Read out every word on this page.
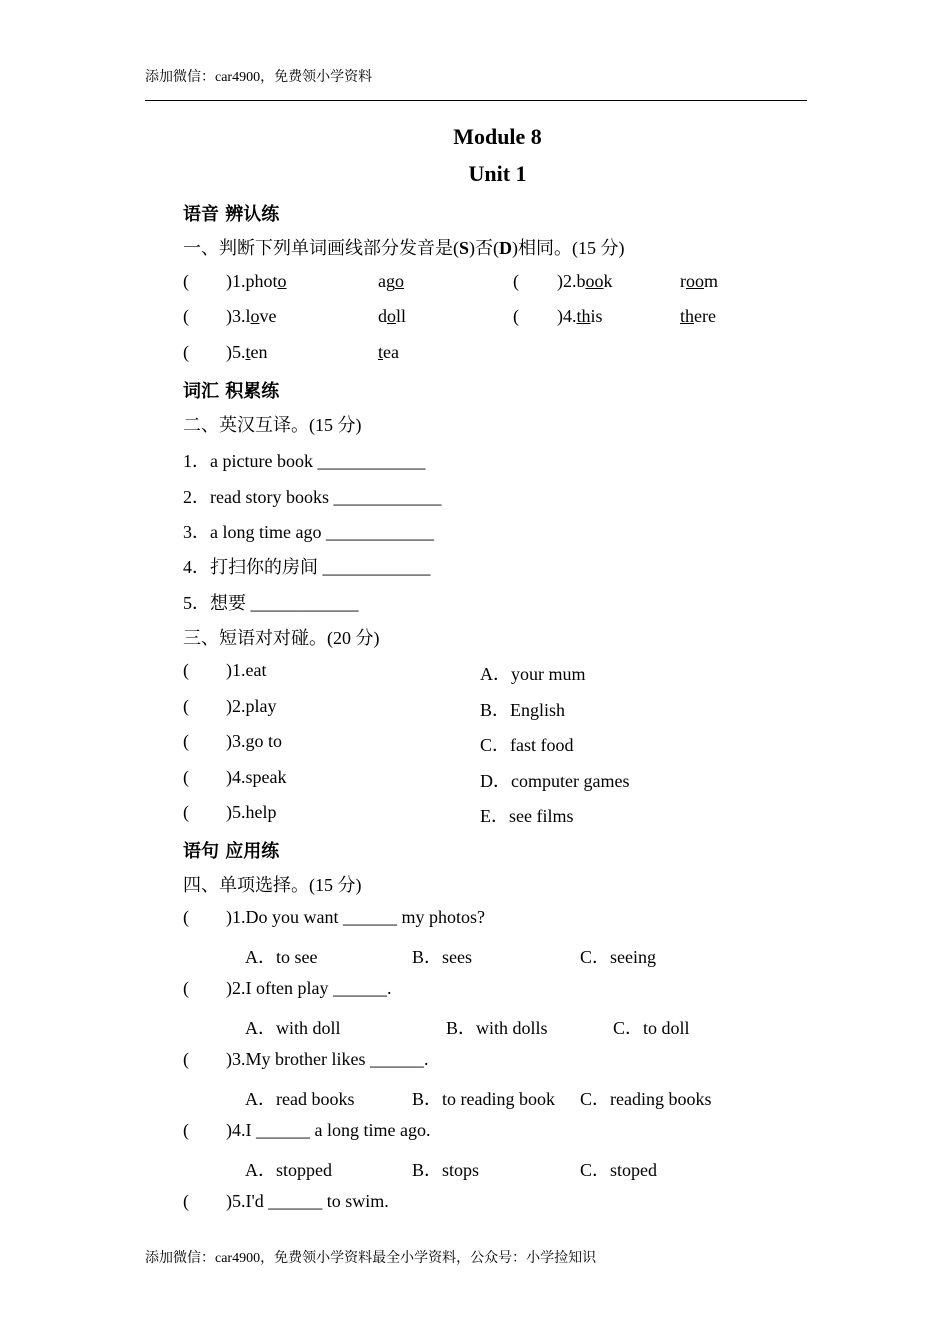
添加微信：car4900，免费领小学资料
Module 8
Unit 1
语音 辨认练
一、判断下列单词画线部分发音是(S)否(D)相同。(15 分)
( )1.photo	ago	( )2.book	room
( )3.love	doll	( )4.this	there
( )5.ten	tea
词汇 积累练
二、英汉互译。(15 分)
1．a picture book ____________
2．read story books ____________
3．a long time ago ____________
4．打扫你的房间 ____________
5．想要 ____________
三、短语对对碰。(20 分)
( )1.eat	A．your mum
( )2.play	B．English
( )3.go to	C．fast food
( )4.speak	D．computer games
( )5.help	E．see films
语句 应用练
四、单项选择。(15 分)
( )1.Do you want ______ my photos?
A．to see	B．sees	C．seeing
( )2.I often play ______.
A．with doll	B．with dolls	C．to doll
( )3.My brother likes ______.
A．read books	B．to reading book C．reading books
( )4.I ______ a long time ago.
A．stopped	B．stops	C．stoped
( )5.I'd ______ to swim.
添加微信：car4900，免费领小学资料最全小学资料，公众号：小学捡知识
